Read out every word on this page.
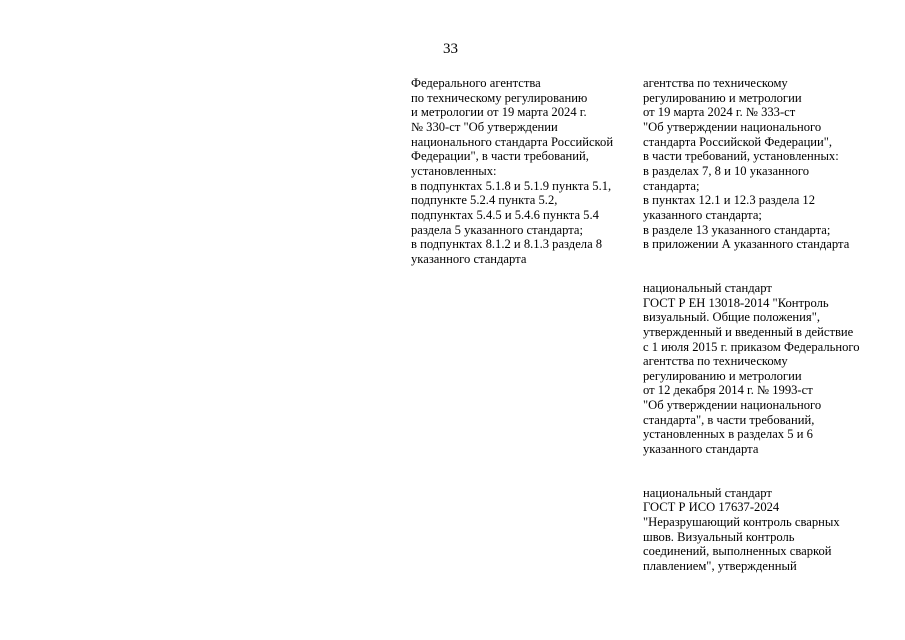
33
Федерального агентства
по техническому регулированию
и метрологии от 19 марта 2024 г.
№ 330-ст "Об утверждении
национального стандарта Российской
Федерации", в части требований,
установленных:
в подпунктах 5.1.8 и 5.1.9 пункта 5.1,
подпункте 5.2.4 пункта 5.2,
подпунктах 5.4.5 и 5.4.6 пункта 5.4
раздела 5 указанного стандарта;
в подпунктах 8.1.2 и 8.1.3 раздела 8
указанного стандарта
агентства по техническому
регулированию и метрологии
от 19 марта 2024 г. № 333-ст
"Об утверждении национального
стандарта Российской Федерации",
в части требований, установленных:
в разделах 7, 8 и 10 указанного
стандарта;
в пунктах 12.1 и 12.3 раздела 12
указанного стандарта;
в разделе 13 указанного стандарта;
в приложении А указанного стандарта
национальный стандарт
ГОСТ Р ЕН 13018-2014 "Контроль
визуальный. Общие положения",
утвержденный и введенный в действие
с 1 июля 2015 г. приказом Федерального
агентства по техническому
регулированию и метрологии
от 12 декабря 2014 г. № 1993-ст
"Об утверждении национального
стандарта", в части требований,
установленных в разделах 5 и 6
указанного стандарта
национальный стандарт
ГОСТ Р ИСО 17637-2024
"Неразрушающий контроль сварных
швов. Визуальный контроль
соединений, выполненных сваркой
плавлением", утвержденный
